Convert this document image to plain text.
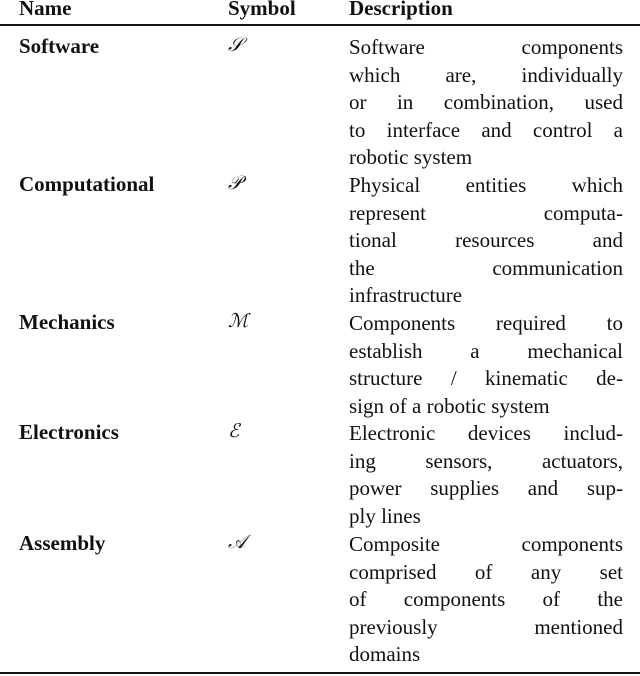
Name	Symbol	Description
Software	𝒮	Software components
which are, individually
or in combination, used
to interface and control a
robotic system
Computational	𝒫	Physical entities which
represent computa-
tional resources and
the communication
infrastructure
Mechanics	ℳ	Components required to
establish a mechanical
structure / kinematic de-
sign of a robotic system
Electronics	ℰ	Electronic devices includ-
ing sensors, actuators,
power supplies and sup-
ply lines
Assembly	𝒜	Composite components
comprised of any set
of components of the
previously mentioned
domains
